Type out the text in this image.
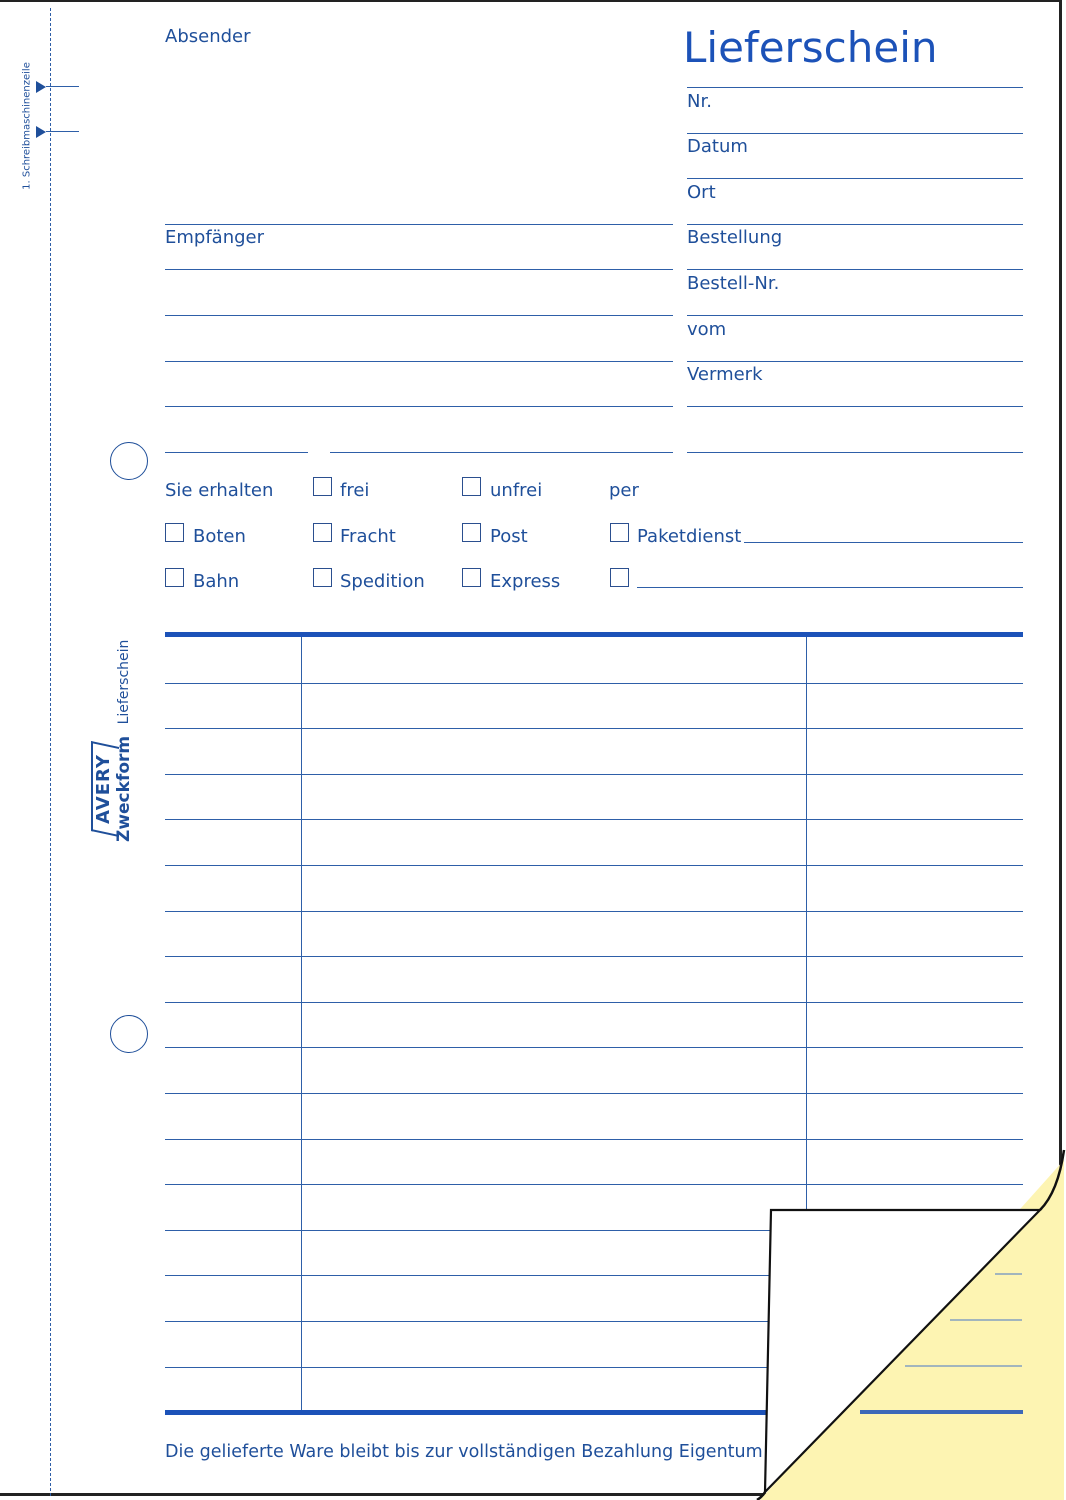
1. Schreibmaschinenzeile
Lieferschein
AVERY Zweckform
Absender	Lieferschein
Nr.
Datum
Ort
Bestellung
Bestell-Nr.
vom
Vermerk
Empfänger
Sie erhalten	frei	unfrei	per
Boten	Fracht	Post	Paketdienst
Bahn	Spedition	Express
Die gelieferte Ware bleibt bis zur vollständigen Bezahlung Eigentum
